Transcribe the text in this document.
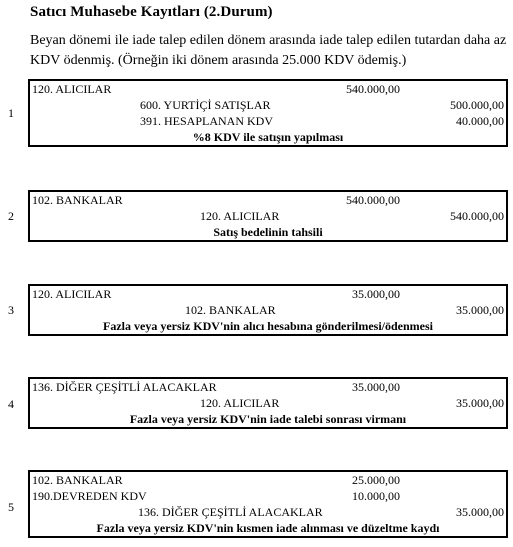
Satıcı Muhasebe Kayıtları (2.Durum)
Beyan dönemi ile iade talep edilen dönem arasında iade talep edilen tutardan daha az KDV ödenmiş. (Örneğin iki dönem arasında 25.000 KDV ödemiş.)
1
120. ALICILAR	540.000,00
600. YURTİÇİ SATIŞLAR	500.000,00
391. HESAPLANAN KDV	40.000,00
%8 KDV ile satışın yapılması
2
102. BANKALAR	540.000,00
120. ALICILAR	540.000,00
Satış bedelinin tahsili
3
120. ALICILAR	35.000,00
102. BANKALAR	35.000,00
Fazla veya yersiz KDV'nin alıcı hesabına gönderilmesi/ödenmesi
4
136. DİĞER ÇEŞİTLİ ALACAKLAR	35.000,00
120. ALICILAR	35.000,00
Fazla veya yersiz KDV'nin iade talebi sonrası virmanı
5
102. BANKALAR	25.000,00
190.DEVREDEN KDV	10.000,00
136. DİĞER ÇEŞİTLİ ALACAKLAR	35.000,00
Fazla veya yersiz KDV'nin kısmen iade alınması ve düzeltme kaydı
